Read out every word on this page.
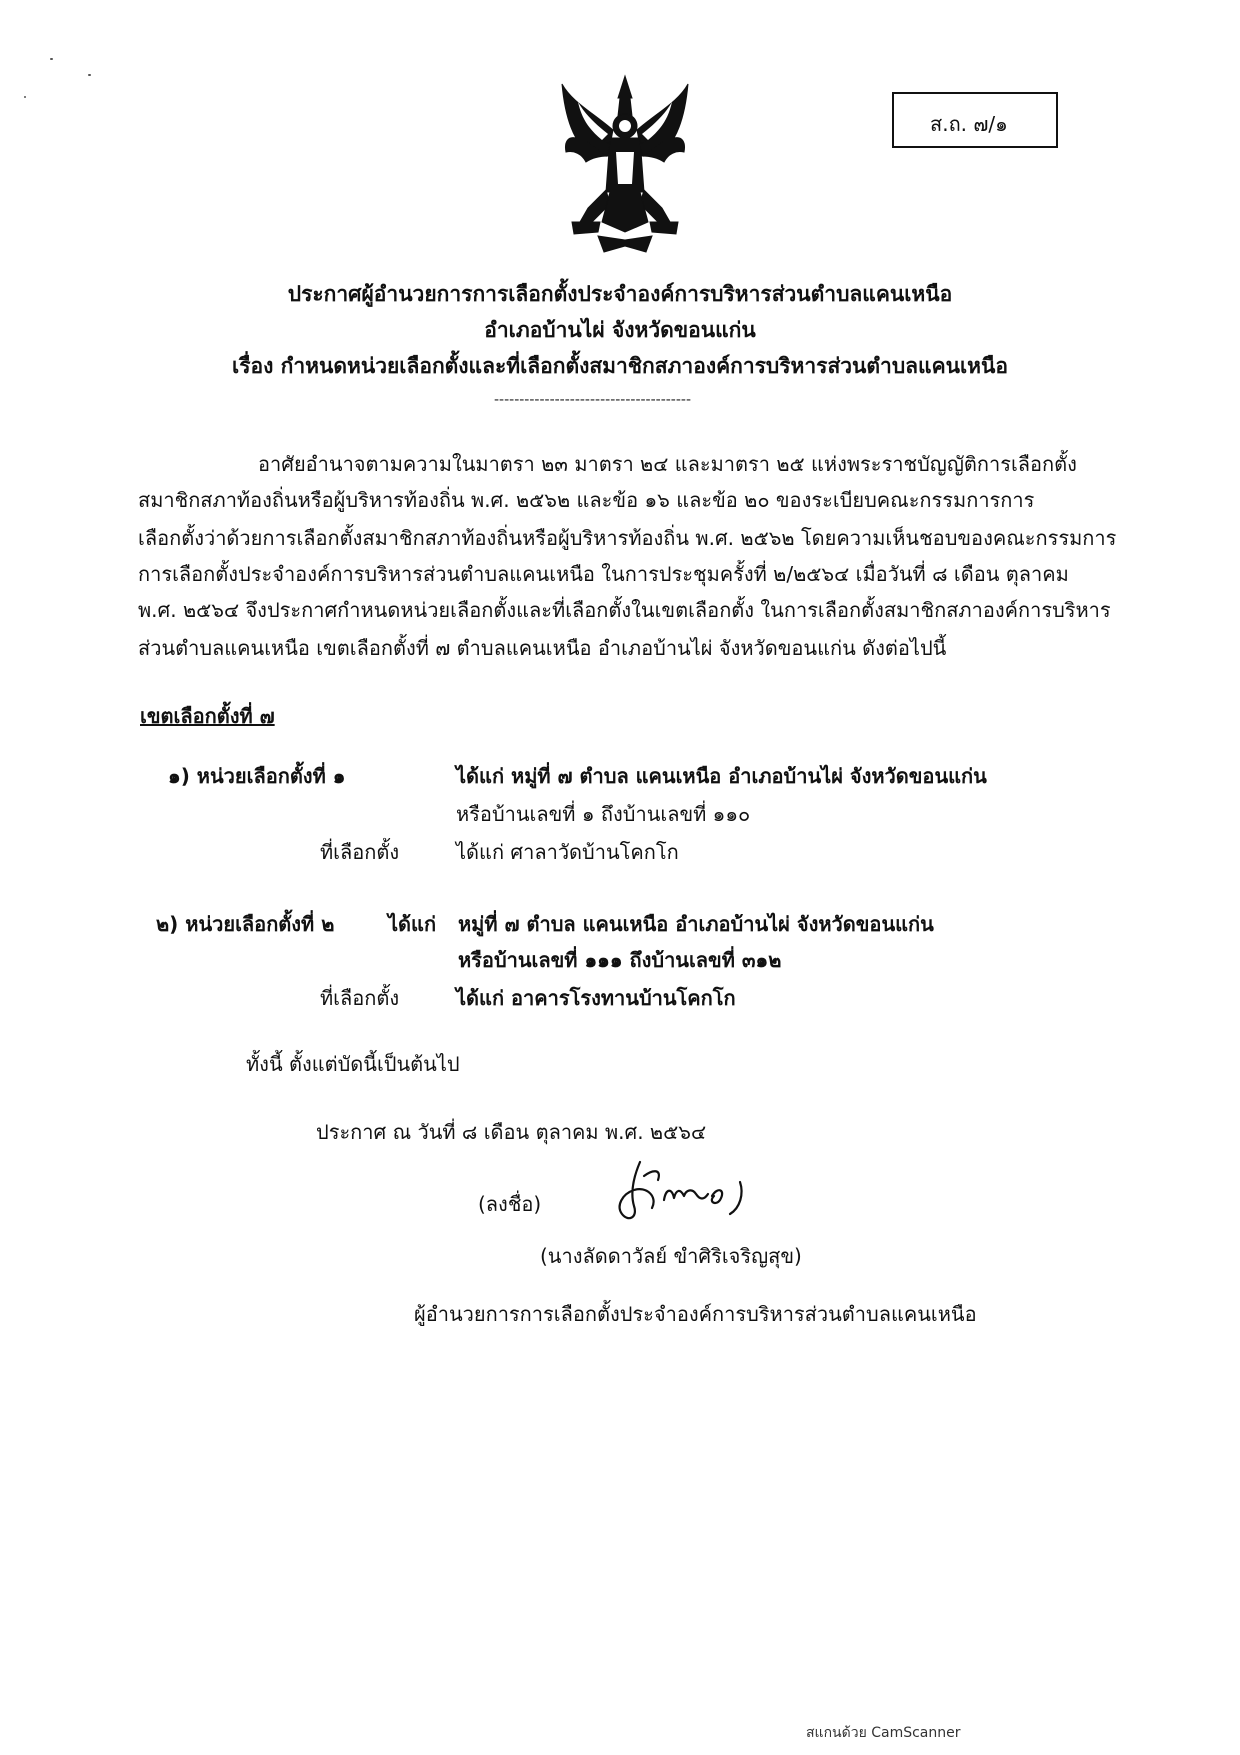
ส.ถ. ๗/๑
ประกาศผู้อำนวยการการเลือกตั้งประจำองค์การบริหารส่วนตำบลแคนเหนือ
อำเภอบ้านไผ่ จังหวัดขอนแก่น
เรื่อง กำหนดหน่วยเลือกตั้งและที่เลือกตั้งสมาชิกสภาองค์การบริหารส่วนตำบลแคนเหนือ
---------------------------------------
อาศัยอำนาจตามความในมาตรา ๒๓ มาตรา ๒๔ และมาตรา ๒๕ แห่งพระราชบัญญัติการเลือกตั้ง
สมาชิกสภาท้องถิ่นหรือผู้บริหารท้องถิ่น พ.ศ. ๒๕๖๒ และข้อ ๑๖ และข้อ ๒๐ ของระเบียบคณะกรรมการการ
เลือกตั้งว่าด้วยการเลือกตั้งสมาชิกสภาท้องถิ่นหรือผู้บริหารท้องถิ่น พ.ศ. ๒๕๖๒ โดยความเห็นชอบของคณะกรรมการ
การเลือกตั้งประจำองค์การบริหารส่วนตำบลแคนเหนือ ในการประชุมครั้งที่ ๒/๒๕๖๔ เมื่อวันที่ ๘ เดือน ตุลาคม
พ.ศ. ๒๕๖๔ จึงประกาศกำหนดหน่วยเลือกตั้งและที่เลือกตั้งในเขตเลือกตั้ง ในการเลือกตั้งสมาชิกสภาองค์การบริหาร
ส่วนตำบลแคนเหนือ เขตเลือกตั้งที่ ๗ ตำบลแคนเหนือ อำเภอบ้านไผ่ จังหวัดขอนแก่น ดังต่อไปนี้
เขตเลือกตั้งที่ ๗
๑) หน่วยเลือกตั้งที่ ๑	ได้แก่ หมู่ที่ ๗ ตำบล แคนเหนือ อำเภอบ้านไผ่ จังหวัดขอนแก่น
หรือบ้านเลขที่ ๑ ถึงบ้านเลขที่ ๑๑๐
ที่เลือกตั้ง	ได้แก่ ศาลาวัดบ้านโคกโก
๒) หน่วยเลือกตั้งที่ ๒	ได้แก่ หมู่ที่ ๗ ตำบล แคนเหนือ อำเภอบ้านไผ่ จังหวัดขอนแก่น
หรือบ้านเลขที่ ๑๑๑ ถึงบ้านเลขที่ ๓๑๒
ที่เลือกตั้ง	ได้แก่ อาคารโรงทานบ้านโคกโก
ทั้งนี้ ตั้งแต่บัดนี้เป็นต้นไป
ประกาศ ณ วันที่ ๘ เดือน ตุลาคม พ.ศ. ๒๕๖๔
(ลงชื่อ)
(นางลัดดาวัลย์ ขำศิริเจริญสุข)
ผู้อำนวยการการเลือกตั้งประจำองค์การบริหารส่วนตำบลแคนเหนือ
สแกนด้วย CamScanner
